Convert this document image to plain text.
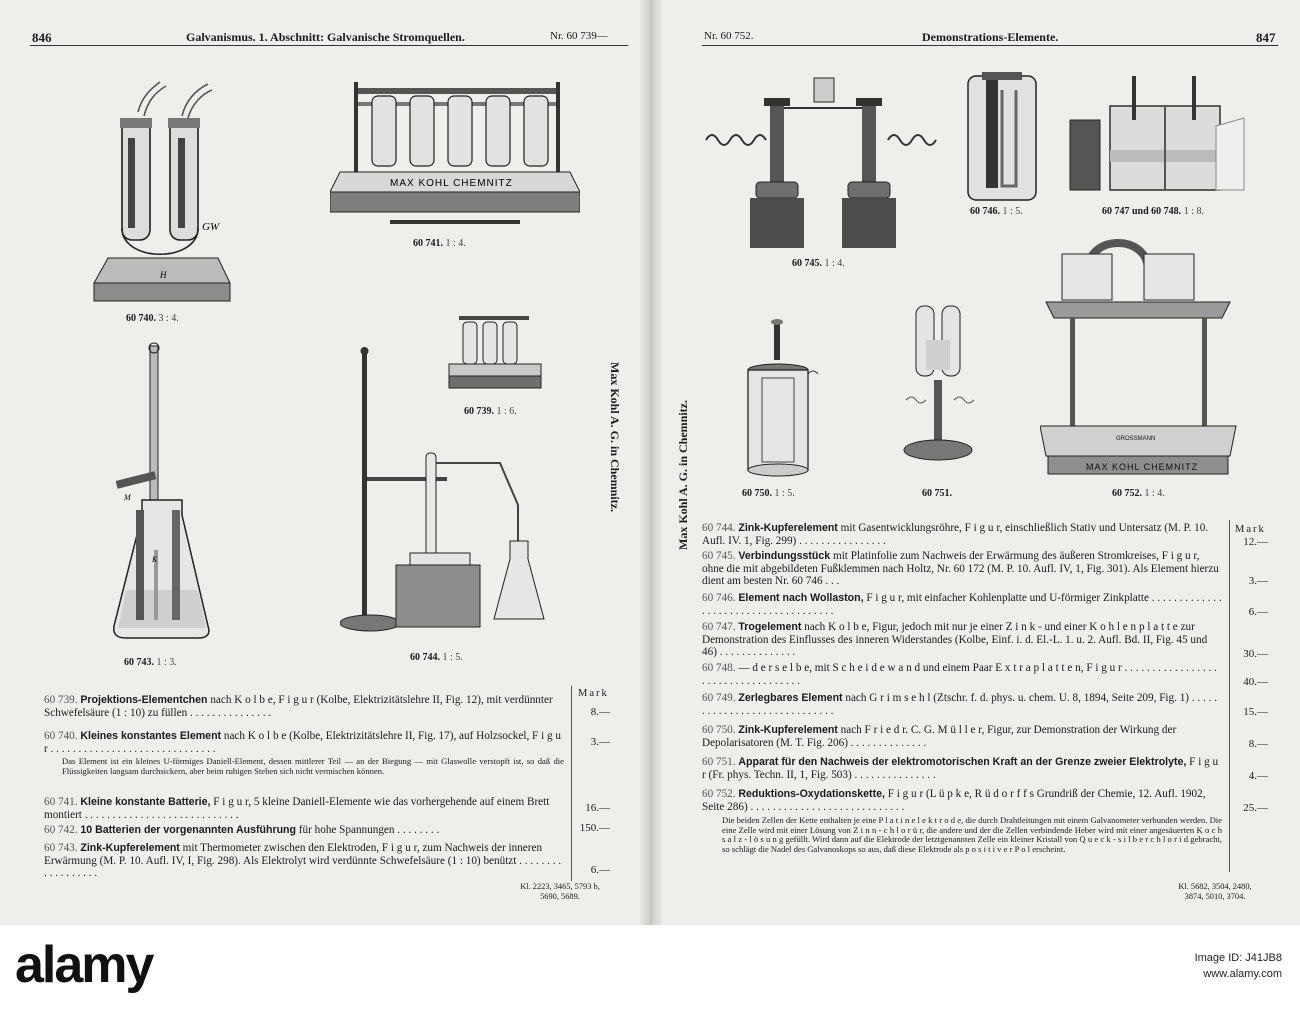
846	Galvanismus. 1. Abschnitt: Galvanische Stromquellen.	Nr. 60 739—
GW
H
60 740. 3 : 4.
MAX KOHL CHEMNITZ
60 741. 1 : 4.
60 739. 1 : 6.
M
K
60 743. 1 : 3.	60 744. 1 : 5.
Mark
60 739. Projektions-Elementchen nach K o l b e, F i g u r (Kolbe, Elektrizitätslehre II, Fig. 12), mit verdünnter Schwefelsäure (1 : 10) zu füllen . . . . . . . . . . . . . . .	8.—
60 740. Kleines konstantes Element nach K o l b e (Kolbe, Elektrizitätslehre II, Fig. 17), auf Holzsockel, F i g u r . . . . . . . . . . . . . . . . . . . . . . . . . . . . . .
3.—
Das Element ist ein kleines U-förmiges Daniell-Element, dessen mittlerer Teil — an der Biegung — mit Glaswolle verstopft ist, so daß die Flüssigkeiten langsam durchsickern, aber beim ruhigen Stehen sich nicht vermischen können.
60 741. Kleine konstante Batterie, F i g u r, 5 kleine Daniell-Elemente wie das vorhergehende auf einem Brett montiert . . . . . . . . . . . . . . . . . . . . . . . . . . . .
16.—
60 742. 10 Batterien der vorgenannten Ausführung für hohe Spannungen . . . . . . . .	150.—
60 743. Zink-Kupferelement mit Thermometer zwischen den Elektroden, F i g u r, zum Nachweis der inneren Erwärmung (M. P. 10. Aufl. IV, I, Fig. 298). Als Elektrolyt wird verdünnte Schwefelsäure (1 : 10) benützt . . . . . . . . . . . . . . . . . .	6.—
Kl. 2223, 3465, 5793 b,
5690, 5689.
Max Kohl A. G. in Chemnitz.	Max Kohl A. G. in Chemnitz.
Nr. 60 752.	Demonstrations-Elemente.	847
60 745. 1 : 4.
60 746. 1 : 5.	60 747 und 60 748. 1 : 8.
60 750. 1 : 5.	60 751.
MAX KOHL CHEMNITZ
GROSSMANN
60 752. 1 : 4.
Mark
60 744. Zink-Kupferelement mit Gasentwicklungsröhre, F i g u r, einschließlich Stativ und Untersatz (M. P. 10. Aufl. IV. 1, Fig. 299) . . . . . . . . . . . . . . . .	12.—
60 745. Verbindungsstück mit Platinfolie zum Nachweis der Erwärmung des äußeren Stromkreises, F i g u r, ohne die mit abgebildeten Fußklemmen nach Holtz, Nr. 60 172 (M. P. 10. Aufl. IV, 1, Fig. 301). Als Element hierzu dient am besten Nr. 60 746 . . .	3.—
60 746. Element nach Wollaston, F i g u r, mit einfacher Kohlenplatte und U-förmiger Zinkplatte . . . . . . . . . . . . . . . . . . . . . . . . . . . . . . . . . . . . .	6.—
60 747. Trogelement nach K o l b e, Figur, jedoch mit nur je einer Z i n k - und einer K o h l e n p l a t t e zur Demonstration des Einflusses des inneren Widerstandes (Kolbe, Einf. i. d. El.-L. 1. u. 2. Aufl. Bd. II, Fig. 45 und 46) . . . . . . . . . . . . . .	30.—
60 748. — d e r s e l b e, mit S c h e i d e w a n d und einem Paar E x t r a p l a t t e n, F i g u r . . . . . . . . . . . . . . . . . . . . . . . . . . . . . . . . . . .	40.—
60 749. Zerlegbares Element nach G r i m s e h l (Ztschr. f. d. phys. u. chem. U. 8, 1894, Seite 209, Fig. 1) . . . . . . . . . . . . . . . . . . . . . . . . . . . . .	15.—
60 750. Zink-Kupferelement nach F r i e d r. C. G. M ü l l e r, Figur, zur Demonstration der Wirkung der Depolarisatoren (M. T. Fig. 206) . . . . . . . . . . . . . .	8.—
60 751. Apparat für den Nachweis der elektromotorischen Kraft an der Grenze zweier Elektrolyte, F i g u r (Fr. phys. Techn. II, 1, Fig. 503) . . . . . . . . . . . . . . .	4.—
60 752. Reduktions-Oxydationskette, F i g u r (L ü p k e, R ü d o r f f s Grundriß der Chemie, 12. Aufl. 1902, Seite 286) . . . . . . . . . . . . . . . . . . . . . . . . . . . .	25.—
Die beiden Zellen der Kette enthalten je eine P l a t i n e l e k t r o d e, die durch Drahtleitungen mit einem Galvanometer verbunden werden. Die eine Zelle wird mit einer Lösung von Z i n n - c h l o r ü r, die andere und der die Zellen verbindende Heber wird mit einer angesäuerten K o c h s a l z - l ö s u n g gefüllt. Wird dann auf die Elektrode der letztgenannten Zelle ein kleiner Kristall von Q u e c k - s i l b e r c h l o r i d gebracht, so schlägt die Nadel des Galvanoskops so aus, daß diese Elektrode als p o s i t i v e r P o l erscheint.
Kl. 5682, 3504, 2480,
3874, 5010, 3704.
alamy	Image ID: J41JB8
www.alamy.com
